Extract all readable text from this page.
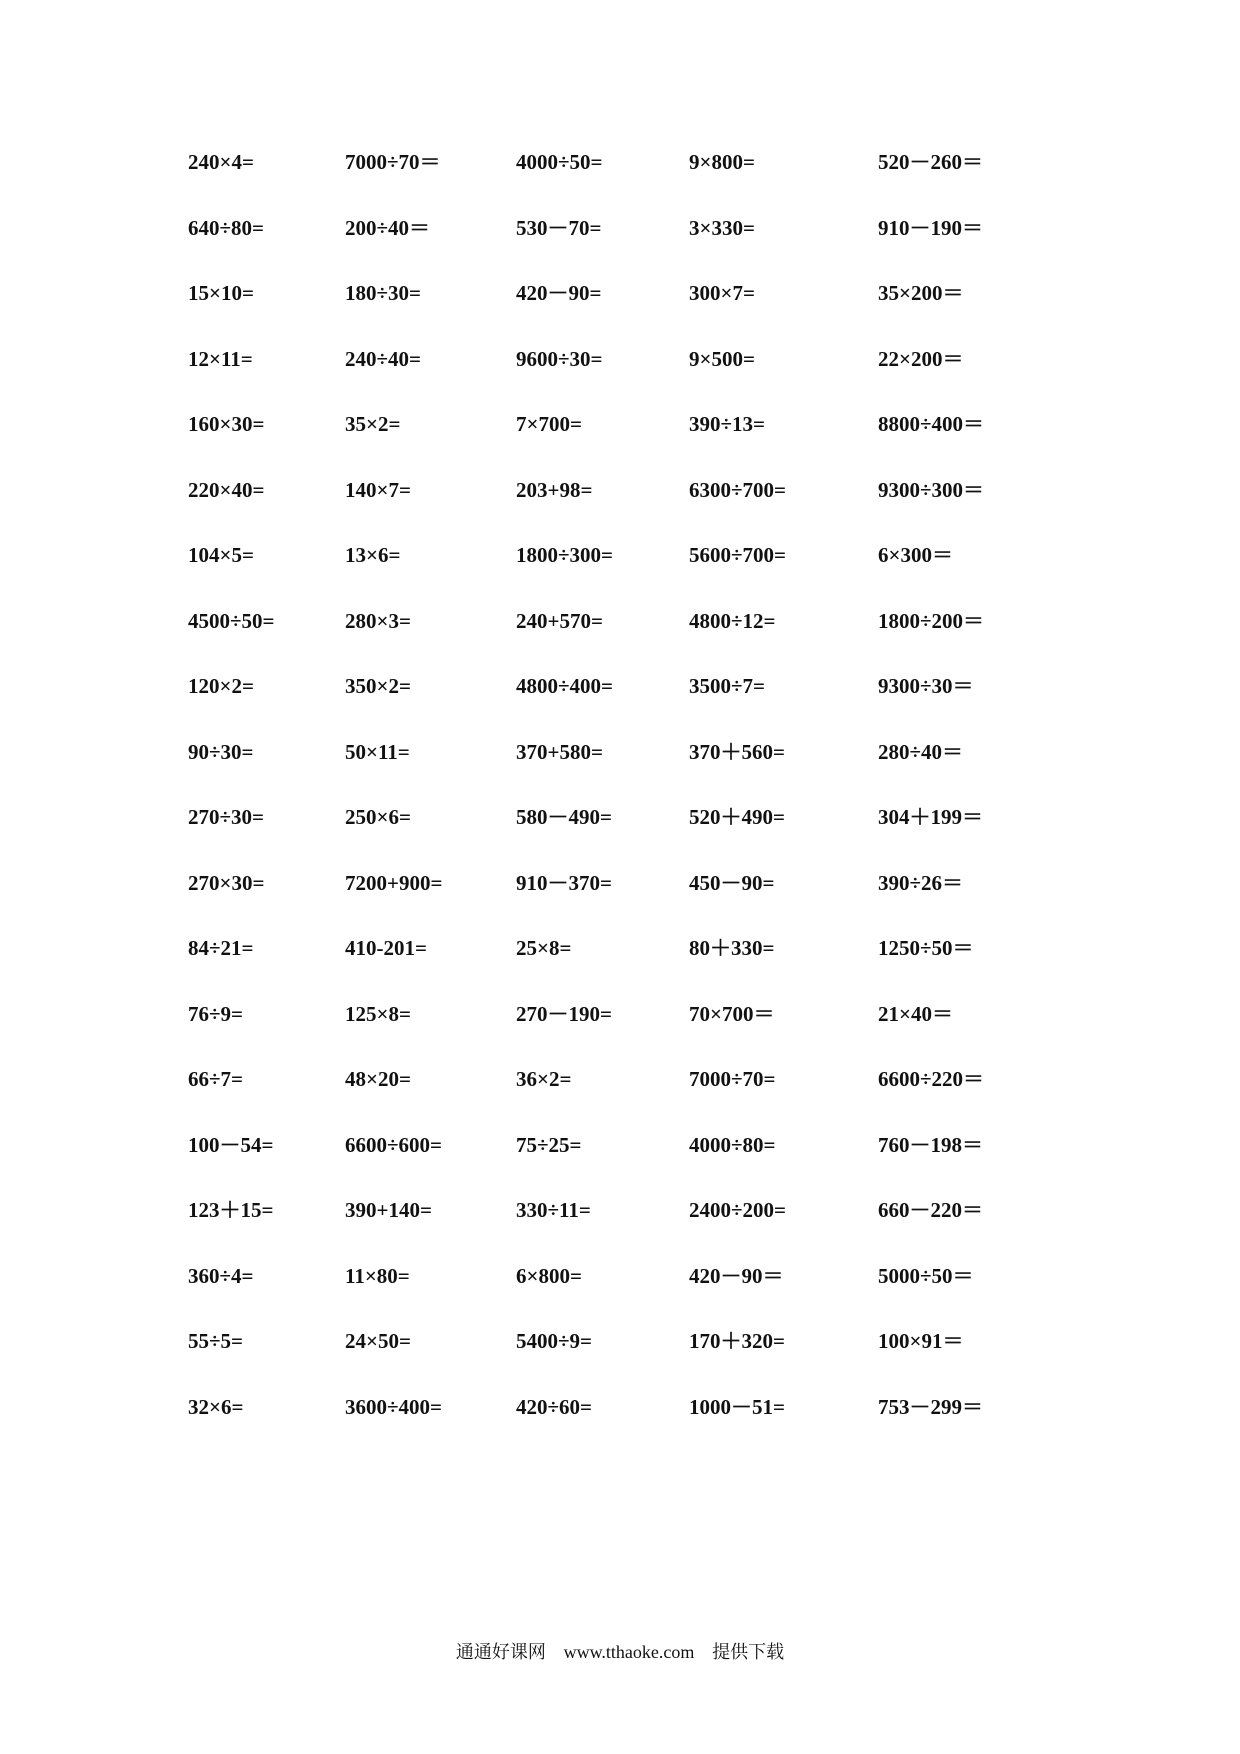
240×4=	7000÷70＝	4000÷50=	9×800=	520－260＝
640÷80=	200÷40＝	530－70=	3×330=	910－190＝
15×10=	180÷30=	420－90=	300×7=	35×200＝
12×11=	240÷40=	9600÷30=	9×500=	22×200＝
160×30=	35×2=	7×700=	390÷13=	8800÷400＝
220×40=	140×7=	203+98=	6300÷700=	9300÷300＝
104×5=	13×6=	1800÷300=	5600÷700=	6×300＝
4500÷50=	280×3=	240+570=	4800÷12=	1800÷200＝
120×2=	350×2=	4800÷400=	3500÷7=	9300÷30＝
90÷30=	50×11=	370+580=	370＋560=	280÷40＝
270÷30=	250×6=	580－490=	520＋490=	304＋199＝
270×30=	7200+900=	910－370=	450－90=	390÷26＝
84÷21=	410-201=	25×8=	80＋330=	1250÷50＝
76÷9=	125×8=	270－190=	70×700＝	21×40＝
66÷7=	48×20=	36×2=	7000÷70=	6600÷220＝
100－54=	6600÷600=	75÷25=	4000÷80=	760－198＝
123＋15=	390+140=	330÷11=	2400÷200=	660－220＝
360÷4=	11×80=	6×800=	420－90＝	5000÷50＝
55÷5=	24×50=	5400÷9=	170＋320=	100×91＝
32×6=	3600÷400=	420÷60=	1000－51=	753－299＝
通通好课网 www.tthaoke.com 提供下载
